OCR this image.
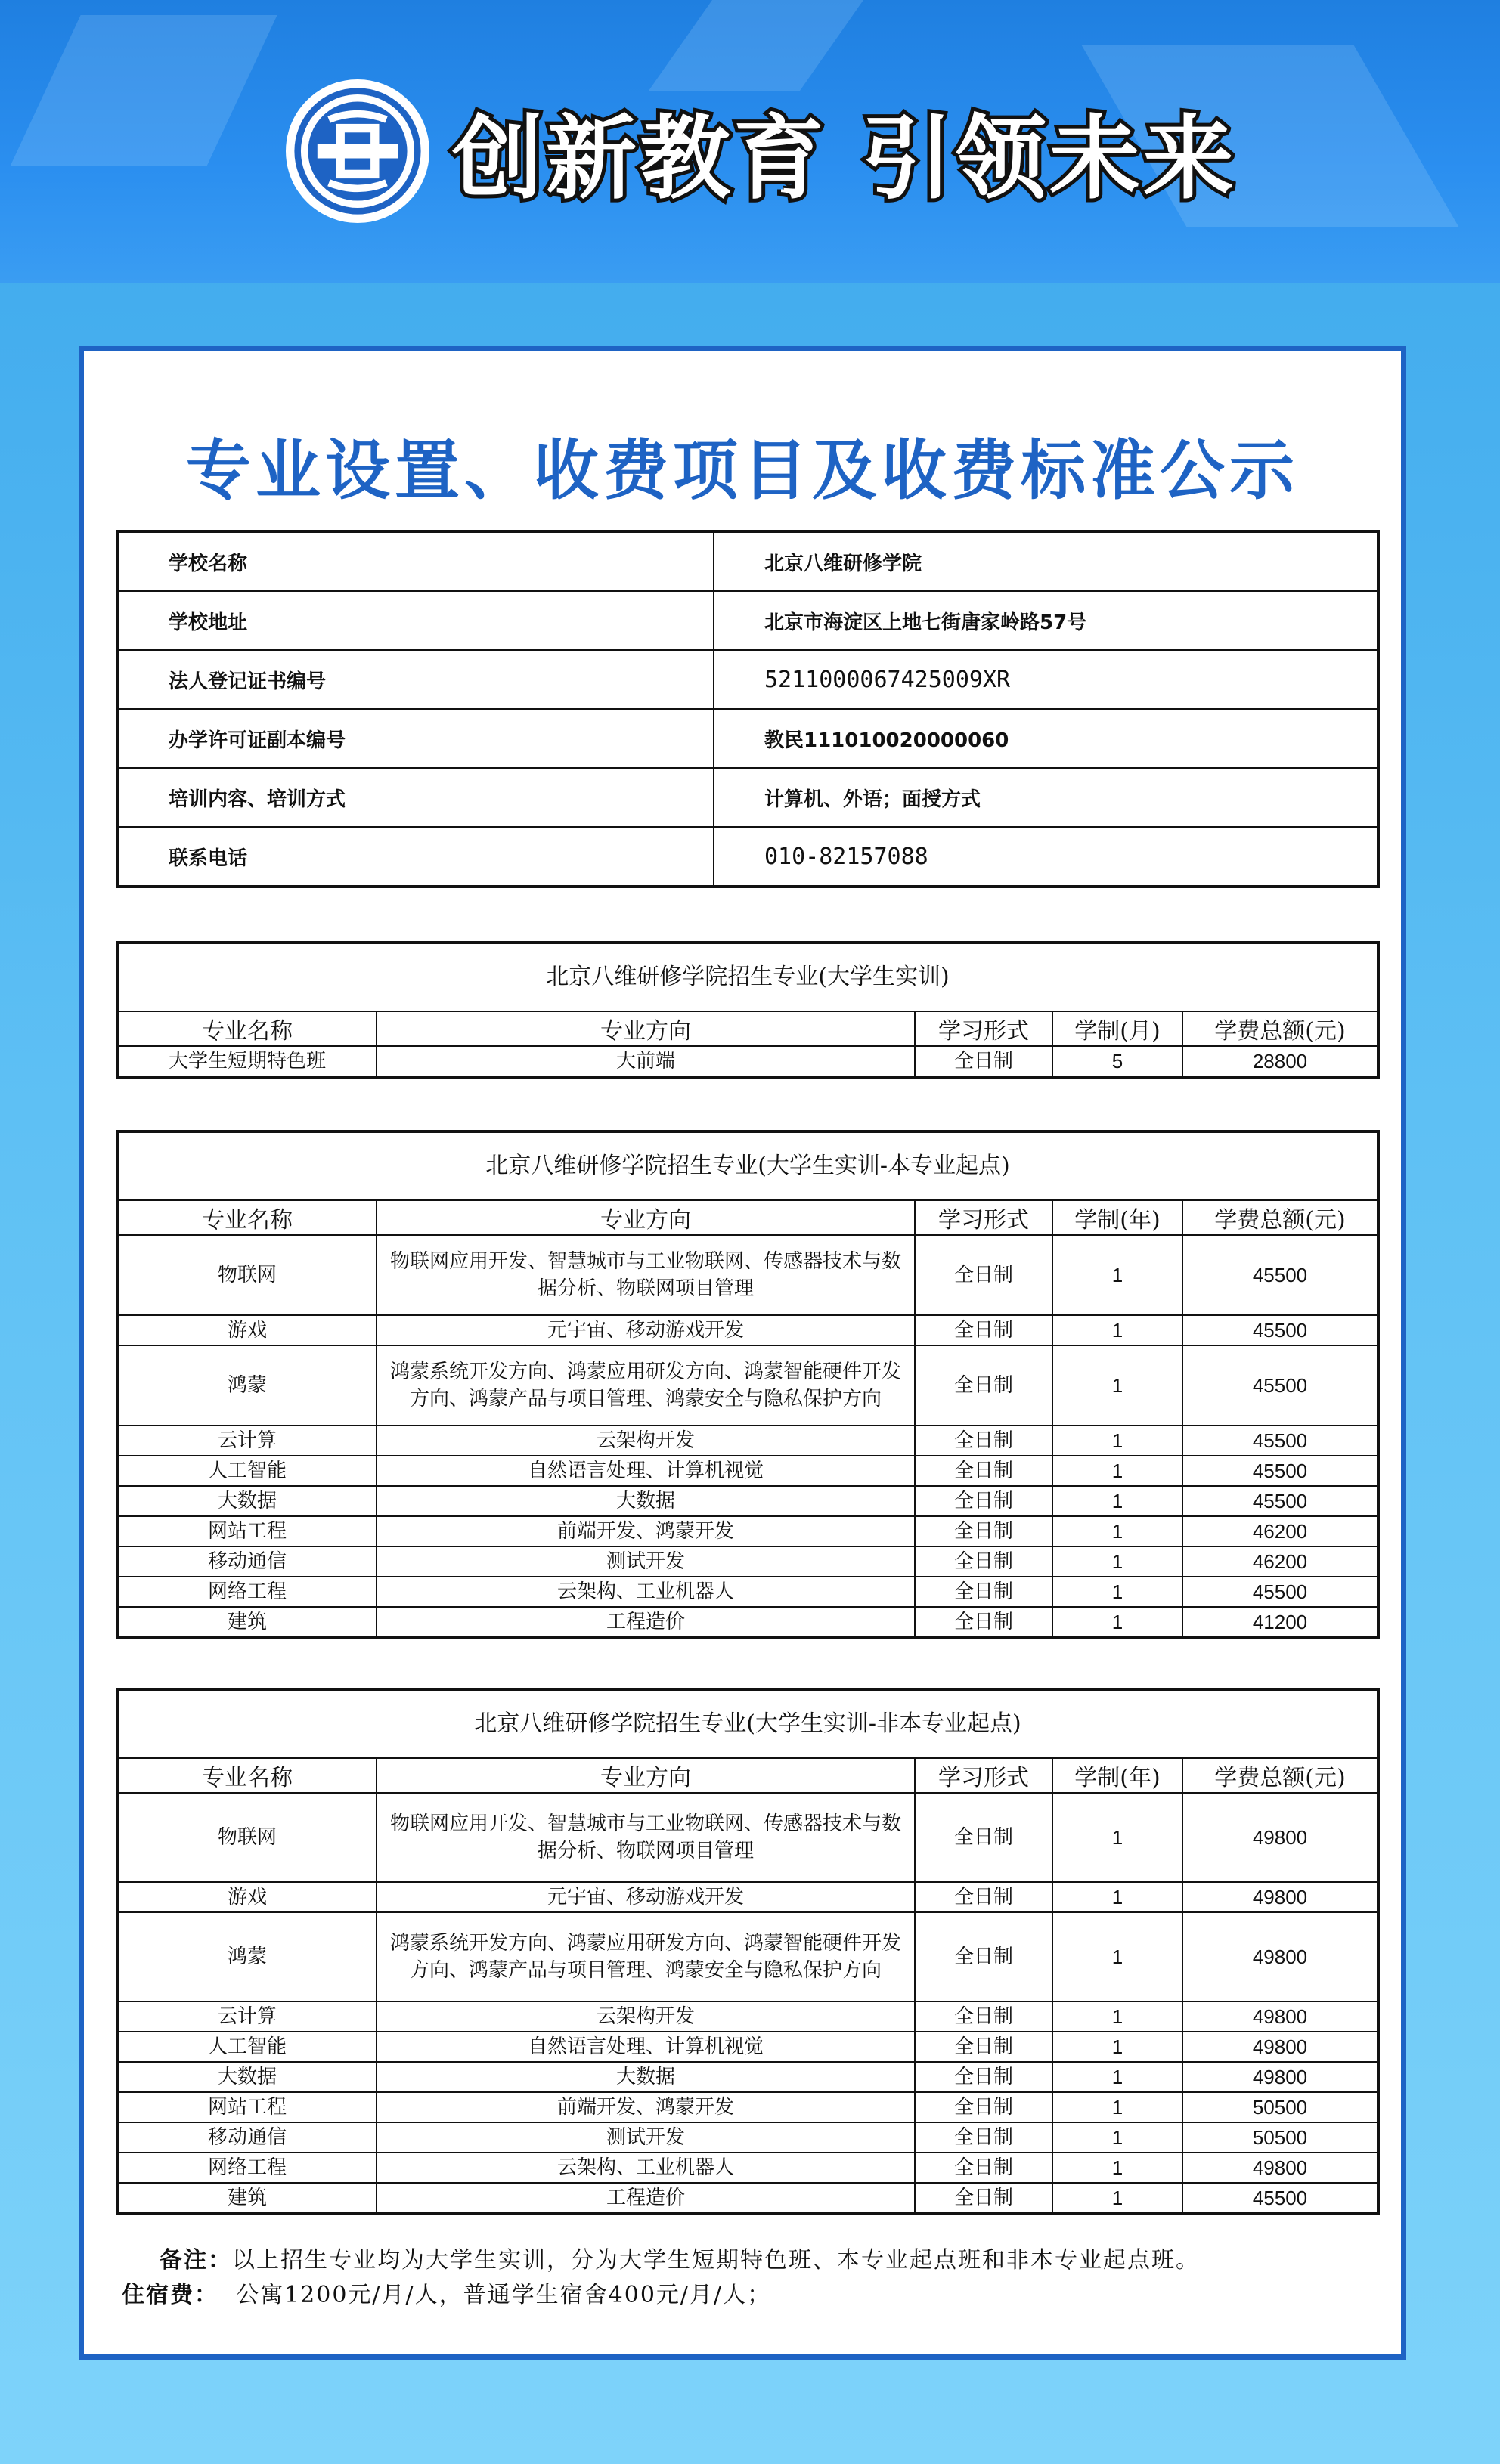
创新教育 引领未来
专业设置、收费项目及收费标准公示
学校名称	北京八维研修学院
学校地址	北京市海淀区上地七街唐家岭路57号
法人登记证书编号	5211000067425009XR
办学许可证副本编号	教民111010020000060
培训内容、培训方式	计算机、外语；面授方式
联系电话	010-82157088
北京八维研修学院招生专业(大学生实训)				
专业名称	专业方向	学习形式	学制(月)	学费总额(元)
大学生短期特色班	大前端	全日制	5	28800
北京八维研修学院招生专业(大学生实训-本专业起点)				
专业名称	专业方向	学习形式	学制(年)	学费总额(元)
物联网	物联网应用开发、智慧城市与工业物联网、传感器技术与数据分析、物联网项目管理	全日制	1	45500
游戏	元宇宙、移动游戏开发	全日制	1	45500
鸿蒙	鸿蒙系统开发方向、鸿蒙应用研发方向、鸿蒙智能硬件开发方向、鸿蒙产品与项目管理、鸿蒙安全与隐私保护方向	全日制	1	45500
云计算	云架构开发	全日制	1	45500
人工智能	自然语言处理、计算机视觉	全日制	1	45500
大数据	大数据	全日制	1	45500
网站工程	前端开发、鸿蒙开发	全日制	1	46200
移动通信	测试开发	全日制	1	46200
网络工程	云架构、工业机器人	全日制	1	45500
建筑	工程造价	全日制	1	41200
北京八维研修学院招生专业(大学生实训-非本专业起点)				
专业名称	专业方向	学习形式	学制(年)	学费总额(元)
物联网	物联网应用开发、智慧城市与工业物联网、传感器技术与数据分析、物联网项目管理	全日制	1	49800
游戏	元宇宙、移动游戏开发	全日制	1	49800
鸿蒙	鸿蒙系统开发方向、鸿蒙应用研发方向、鸿蒙智能硬件开发方向、鸿蒙产品与项目管理、鸿蒙安全与隐私保护方向	全日制	1	49800
云计算	云架构开发	全日制	1	49800
人工智能	自然语言处理、计算机视觉	全日制	1	49800
大数据	大数据	全日制	1	49800
网站工程	前端开发、鸿蒙开发	全日制	1	50500
移动通信	测试开发	全日制	1	50500
网络工程	云架构、工业机器人	全日制	1	49800
建筑	工程造价	全日制	1	45500
备注：以上招生专业均为大学生实训，分为大学生短期特色班、本专业起点班和非本专业起点班。
住宿费： 公寓1200元/月/人，普通学生宿舍400元/月/人；
